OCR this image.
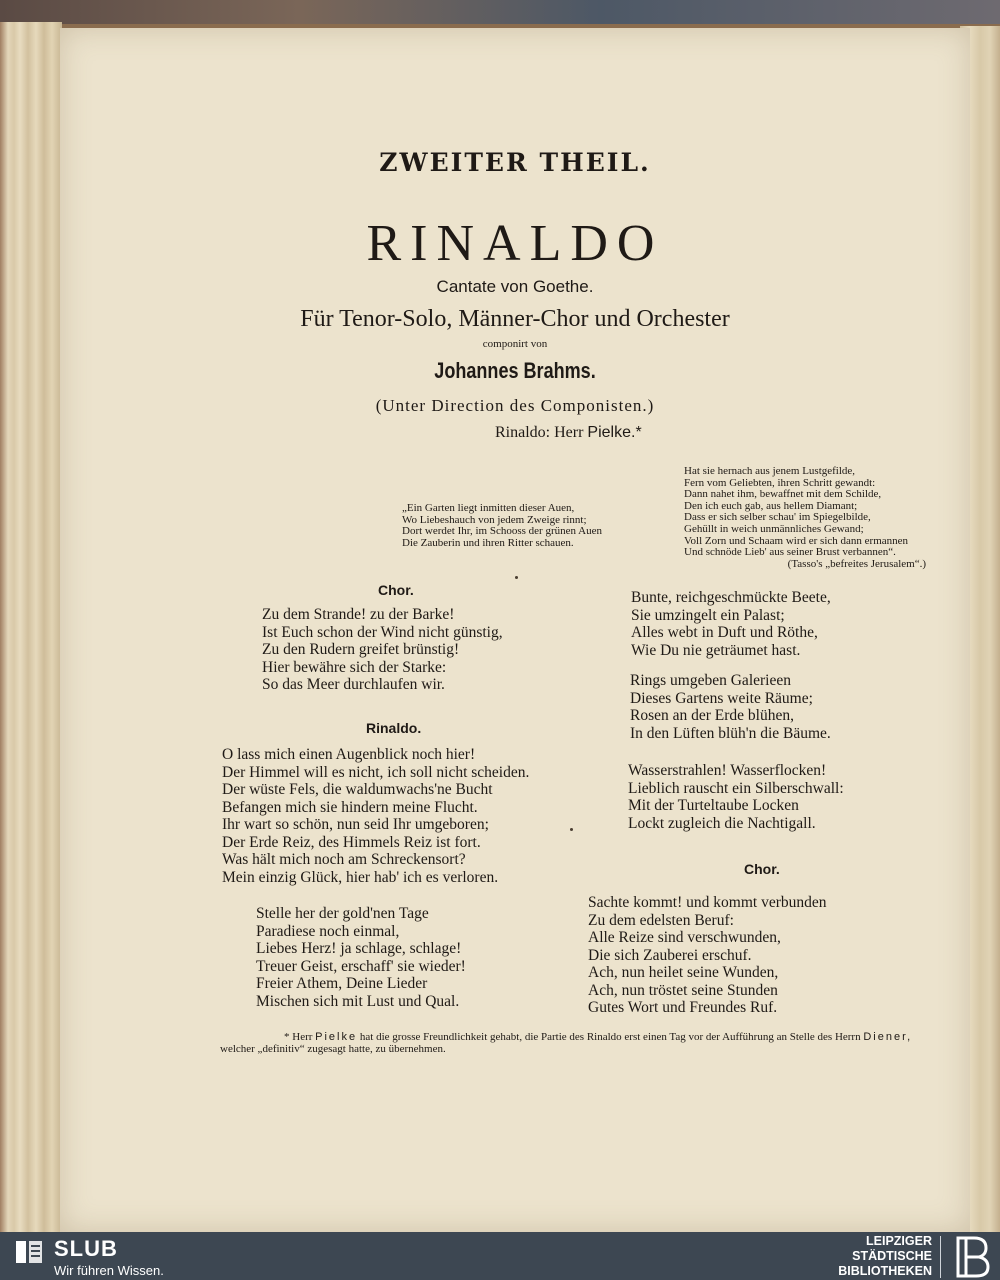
ZWEITER THEIL.

RINALDO

Cantate von Goethe.

Für Tenor-Solo, Männer-Chor und Orchester

componirt von

Johannes Brahms.

(Unter Direction des Componisten.)

Rinaldo: Herr Pielke.*

„Ein Garten liegt inmitten dieser Auen,
Wo Liebeshauch von jedem Zweige rinnt;
Dort werdet Ihr, im Schooss der grünen Auen
Die Zauberin und ihren Ritter schauen.
Hat sie hernach aus jenem Lustgefilde,
Fern vom Geliebten, ihren Schritt gewandt:
Dann nahet ihm, bewaffnet mit dem Schilde,
Den ich euch gab, aus hellem Diamant;
Dass er sich selber schau' im Spiegelbilde,
Gehüllt in weich unmännliches Gewand;
Voll Zorn und Schaam wird er sich dann ermannen
Und schnöde Lieb' aus seiner Brust verbannen“.
(Tasso's „befreites Jerusalem“.)

Chor.

Zu dem Strande! zu der Barke!
Ist Euch schon der Wind nicht günstig,
Zu den Rudern greifet brünstig!
Hier bewähre sich der Starke:
So das Meer durchlaufen wir.

Rinaldo.

O lass mich einen Augenblick noch hier!
Der Himmel will es nicht, ich soll nicht scheiden.
Der wüste Fels, die waldumwachs'ne Bucht
Befangen mich sie hindern meine Flucht.
Ihr wart so schön, nun seid Ihr umgeboren;
Der Erde Reiz, des Himmels Reiz ist fort.
Was hält mich noch am Schreckensort?
Mein einzig Glück, hier hab' ich es verloren.
Stelle her der gold'nen Tage
Paradiese noch einmal,
Liebes Herz! ja schlage, schlage!
Treuer Geist, erschaff' sie wieder!
Freier Athem, Deine Lieder
Mischen sich mit Lust und Qual.
Bunte, reichgeschmückte Beete,
Sie umzingelt ein Palast;
Alles webt in Duft und Röthe,
Wie Du nie geträumet hast.
Rings umgeben Galerieen
Dieses Gartens weite Räume;
Rosen an der Erde blühen,
In den Lüften blüh'n die Bäume.
Wasserstrahlen! Wasserflocken!
Lieblich rauscht ein Silberschwall:
Mit der Turteltaube Locken
Lockt zugleich die Nachtigall.

Chor.

Sachte kommt! und kommt verbunden
Zu dem edelsten Beruf:
Alle Reize sind verschwunden,
Die sich Zauberei erschuf.
Ach, nun heilet seine Wunden,
Ach, nun tröstet seine Stunden
Gutes Wort und Freundes Ruf.

* Herr Pielke hat die grosse Freundlichkeit gehabt, die Partie des Rinaldo erst einen Tag vor der Aufführung an Stelle des Herrn Diener, welcher „definitiv“ zugesagt hatte, zu übernehmen.

SLUB
Wir führen Wissen.
LEIPZIGER
STÄDTISCHE
BIBLIOTHEKEN
